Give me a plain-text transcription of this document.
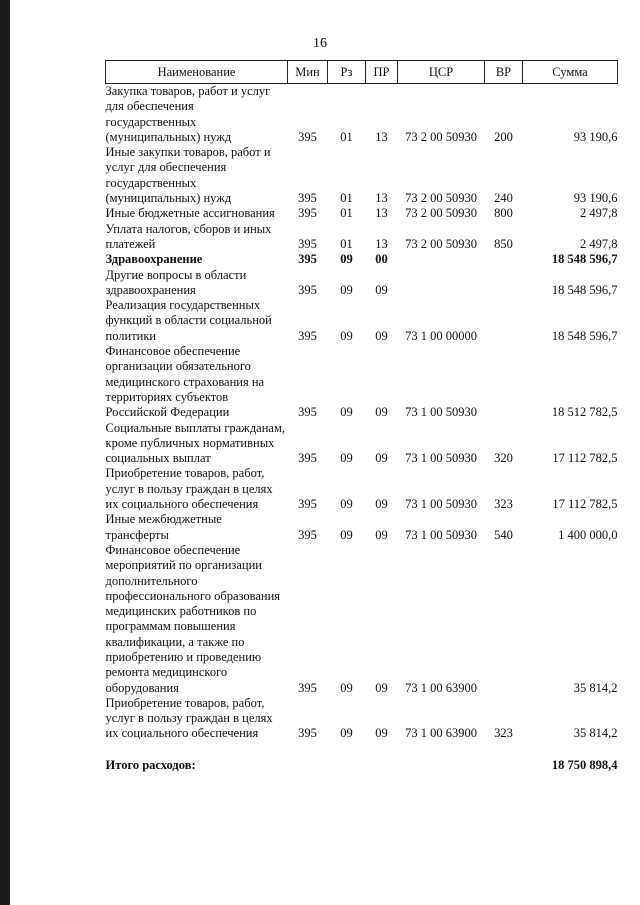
16
Наименование	Мин	Рз	ПР	ЦСР	ВР	Сумма
Закупка товаров, работ и услуг для обеспечения государственных (муниципальных) нужд	395	01	13	73 2 00 50930	200	93 190,6
Иные закупки товаров, работ и услуг для обеспечения государственных (муниципальных) нужд	395	01	13	73 2 00 50930	240	93 190,6
Иные бюджетные ассигнования	395	01	13	73 2 00 50930	800	2 497,8
Уплата налогов, сборов и иных платежей	395	01	13	73 2 00 50930	850	2 497,8
Здравоохранение	395	09	00			18 548 596,7
Другие вопросы в области здравоохранения	395	09	09			18 548 596,7
Реализация государственных функций в области социальной политики	395	09	09	73 1 00 00000		18 548 596,7
Финансовое обеспечение организации обязательного медицинского страхования на территориях субъектов Российской Федерации	395	09	09	73 1 00 50930		18 512 782,5
Социальные выплаты гражданам, кроме публичных нормативных социальных выплат	395	09	09	73 1 00 50930	320	17 112 782,5
Приобретение товаров, работ, услуг в пользу граждан в целях их социального обеспечения	395	09	09	73 1 00 50930	323	17 112 782,5
Иные межбюджетные трансферты	395	09	09	73 1 00 50930	540	1 400 000,0
Финансовое обеспечение мероприятий по организации дополнительного профессионального образования медицинских работников по программам повышения квалификации, а также по приобретению и проведению ремонта медицинского оборудования	395	09	09	73 1 00 63900		35 814,2
Приобретение товаров, работ, услуг в пользу граждан в целях их социального обеспечения	395	09	09	73 1 00 63900	323	35 814,2
Итого расходов:						18 750 898,4
